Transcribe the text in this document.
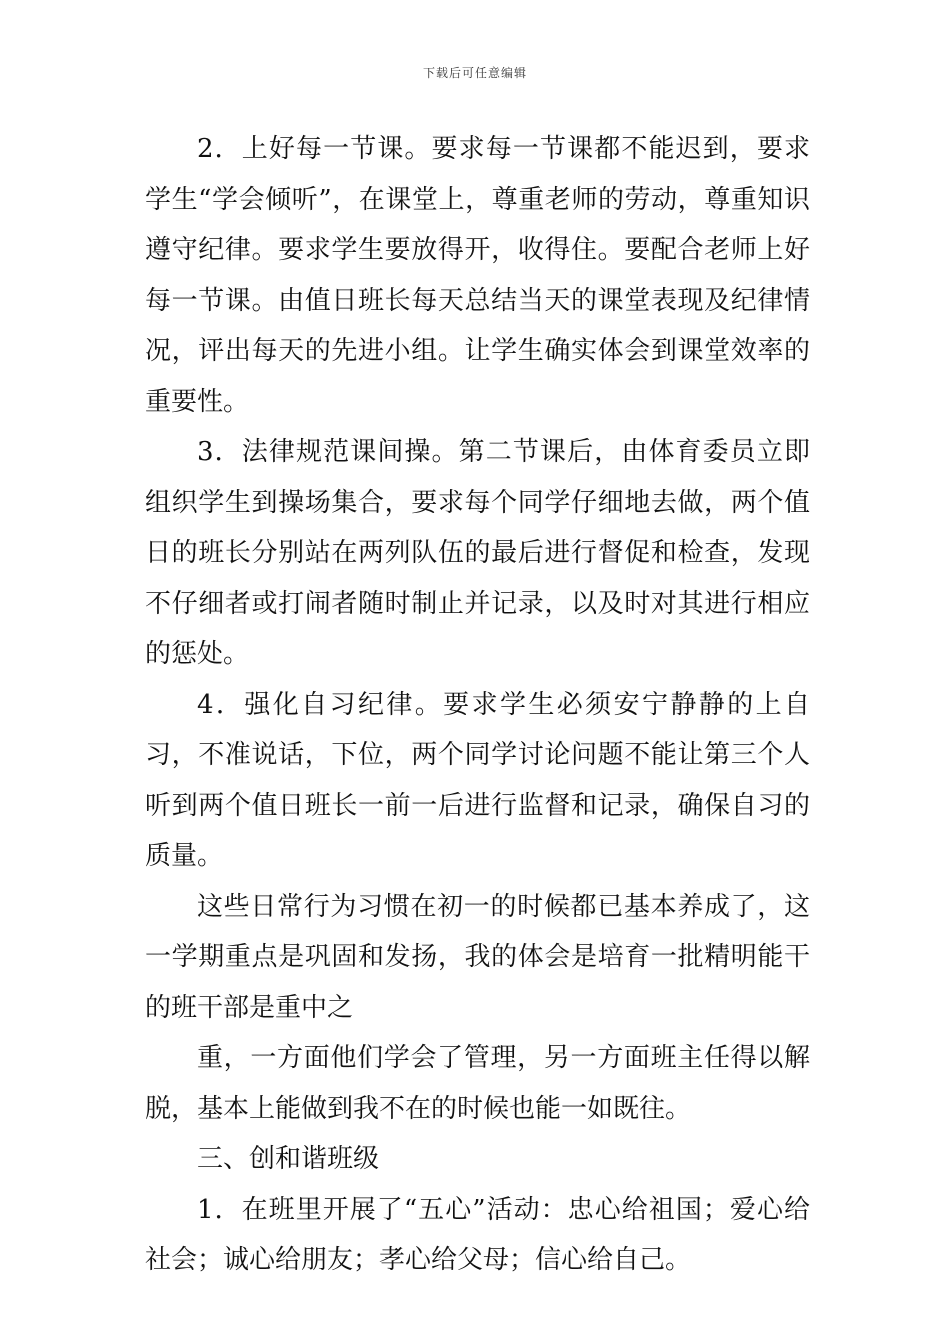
下载后可任意编辑

2．上好每一节课。要求每一节课都不能迟到，要求学生“学会倾听”，在课堂上，尊重老师的劳动，尊重知识遵守纪律。要求学生要放得开，收得住。要配合老师上好每一节课。由值日班长每天总结当天的课堂表现及纪律情况，评出每天的先进小组。让学生确实体会到课堂效率的重要性。

3．法律规范课间操。第二节课后，由体育委员立即组织学生到操场集合，要求每个同学仔细地去做，两个值日的班长分别站在两列队伍的最后进行督促和检查，发现不仔细者或打闹者随时制止并记录，以及时对其进行相应的惩处。

4．强化自习纪律。要求学生必须安宁静静的上自习，不准说话，下位，两个同学讨论问题不能让第三个人听到两个值日班长一前一后进行监督和记录，确保自习的质量。

这些日常行为习惯在初一的时候都已基本养成了，这一学期重点是巩固和发扬，我的体会是培育一批精明能干的班干部是重中之

重，一方面他们学会了管理，另一方面班主任得以解脱，基本上能做到我不在的时候也能一如既往。

三、创和谐班级

1．在班里开展了“五心”活动：忠心给祖国；爱心给社会；诚心给朋友；孝心给父母；信心给自己。
